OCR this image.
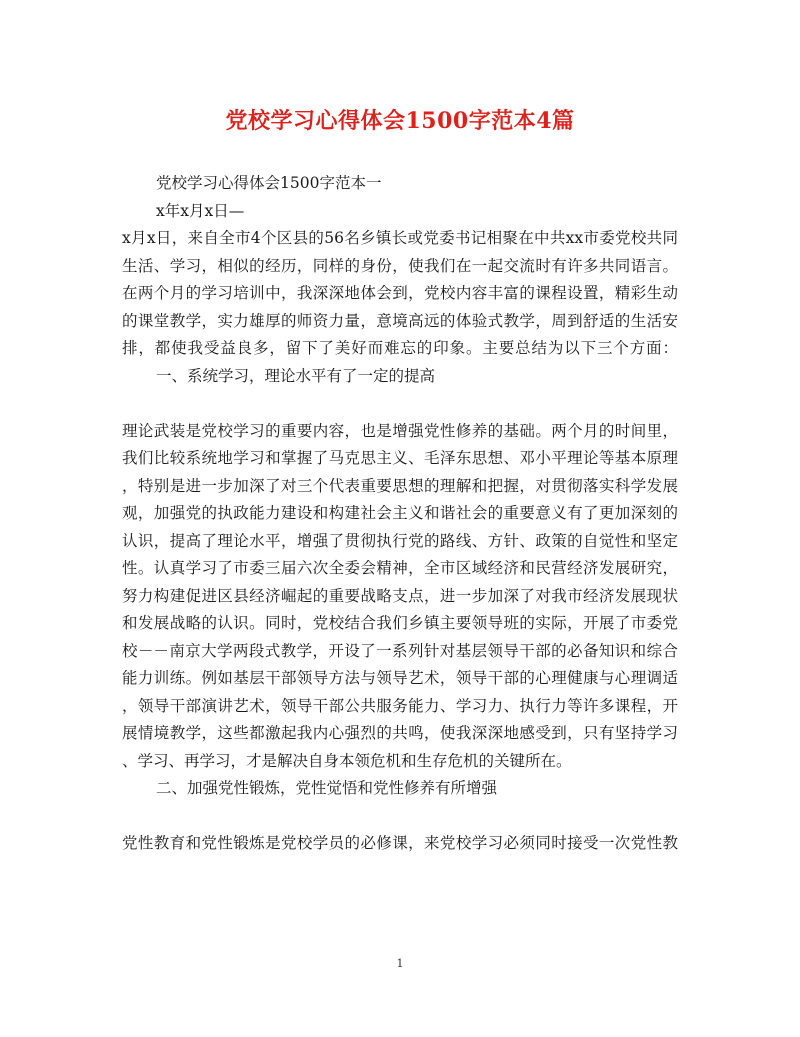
党校学习心得体会1500字范本4篇
党校学习心得体会1500字范本一
x年x月x日—
x月x日，来自全市4个区县的56名乡镇长或党委书记相聚在中共xx市委党校共同
生活、学习，相似的经历，同样的身份，使我们在一起交流时有许多共同语言。
在两个月的学习培训中，我深深地体会到，党校内容丰富的课程设置，精彩生动
的课堂教学，实力雄厚的师资力量，意境高远的体验式教学，周到舒适的生活安
排，都使我受益良多，留下了美好而难忘的印象。主要总结为以下三个方面：
一、系统学习，理论水平有了一定的提高
理论武装是党校学习的重要内容，也是增强党性修养的基础。两个月的时间里，
我们比较系统地学习和掌握了马克思主义、毛泽东思想、邓小平理论等基本原理
，特别是进一步加深了对三个代表重要思想的理解和把握，对贯彻落实科学发展
观，加强党的执政能力建设和构建社会主义和谐社会的重要意义有了更加深刻的
认识，提高了理论水平，增强了贯彻执行党的路线、方针、政策的自觉性和坚定
性。认真学习了市委三届六次全委会精神，全市区域经济和民营经济发展研究，
努力构建促进区县经济崛起的重要战略支点，进一步加深了对我市经济发展现状
和发展战略的认识。同时，党校结合我们乡镇主要领导班的实际，开展了市委党
校－－南京大学两段式教学，开设了一系列针对基层领导干部的必备知识和综合
能力训练。例如基层干部领导方法与领导艺术，领导干部的心理健康与心理调适
，领导干部演讲艺术，领导干部公共服务能力、学习力、执行力等许多课程，开
展情境教学，这些都激起我内心强烈的共鸣，使我深深地感受到，只有坚持学习
、学习、再学习，才是解决自身本领危机和生存危机的关键所在。
二、加强党性锻炼，党性觉悟和党性修养有所增强
党性教育和党性锻炼是党校学员的必修课，来党校学习必须同时接受一次党性教
1
